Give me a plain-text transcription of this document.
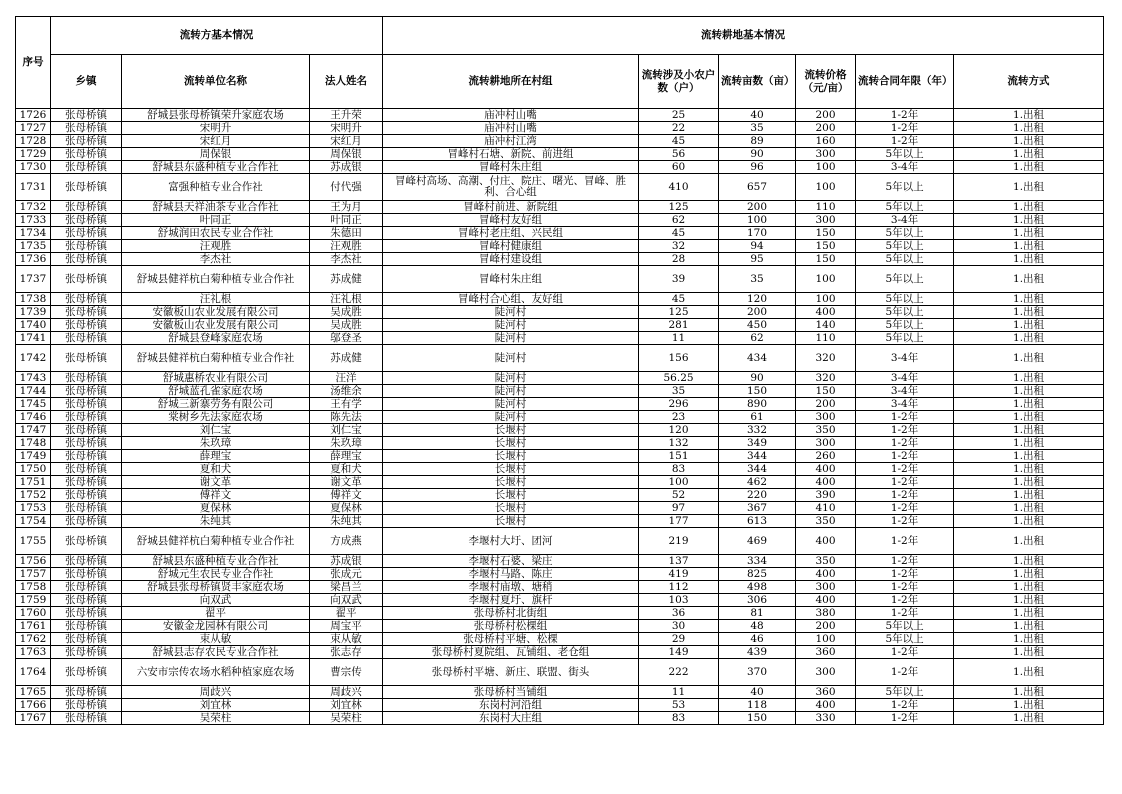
序号	流转方基本情况			流转耕地基本情况					
	乡镇	流转单位名称	法人姓名	流转耕地所在村组	流转涉及小农户数（户）	流转亩数（亩）	流转价格（元/亩）	流转合同年限（年）	流转方式
1726	张母桥镇	舒城县张母桥镇荣升家庭农场	王升荣	庙冲村山嘴	25	40	200	1-2年	1.出租
1727	张母桥镇	宋明升	宋明升	庙冲村山嘴	22	35	200	1-2年	1.出租
1728	张母桥镇	宋红月	宋红月	庙冲村江湾	45	89	160	1-2年	1.出租
1729	张母桥镇	周保银	周保银	冒峰村石塘、新院、前进组	56	90	300	5年以上	1.出租
1730	张母桥镇	舒城县东盛种植专业合作社	苏成银	冒峰村朱庄组	60	96	100	3-4年	1.出租
1731	张母桥镇	富强种植专业合作社	付代强	冒峰村高场、高潮、付庄、院庄、曙光、冒峰、胜利、合心组	410	657	100	5年以上	1.出租
1732	张母桥镇	舒城县天祥油茶专业合作社	王为月	冒峰村前进、新院组	125	200	110	5年以上	1.出租
1733	张母桥镇	叶同正	叶同正	冒峰村友好组	62	100	300	3-4年	1.出租
1734	张母桥镇	舒城润田农民专业合作社	朱德田	冒峰村老庄组、兴民组	45	170	150	5年以上	1.出租
1735	张母桥镇	汪观胜	汪观胜	冒峰村健康组	32	94	150	5年以上	1.出租
1736	张母桥镇	李杰社	李杰社	冒峰村建设组	28	95	150	5年以上	1.出租
1737	张母桥镇	舒城县健祥杭白菊种植专业合作社	苏成健	冒峰村朱庄组	39	35	100	5年以上	1.出租
1738	张母桥镇	汪礼根	汪礼根	冒峰村合心组、友好组	45	120	100	5年以上	1.出租
1739	张母桥镇	安徽板山农业发展有限公司	吴成胜	陡河村	125	200	400	5年以上	1.出租
1740	张母桥镇	安徽板山农业发展有限公司	吴成胜	陡河村	281	450	140	5年以上	1.出租
1741	张母桥镇	舒城县登峰家庭农场	邬登圣	陡河村	11	62	110	5年以上	1.出租
1742	张母桥镇	舒城县健祥杭白菊种植专业合作社	苏成健	陡河村	156	434	320	3-4年	1.出租
1743	张母桥镇	舒城惠桥农业有限公司	汪洋	陡河村	56.25	90	320	3-4年	1.出租
1744	张母桥镇	舒城蓝孔雀家庭农场	汤维余	陡河村	35	150	150	3-4年	1.出租
1745	张母桥镇	舒城三新寨劳务有限公司	王有学	陡河村	296	890	200	3-4年	1.出租
1746	张母桥镇	棠树乡先法家庭农场	陈先法	陡河村	23	61	300	1-2年	1.出租
1747	张母桥镇	刘仁宝	刘仁宝	长堰村	120	332	350	1-2年	1.出租
1748	张母桥镇	朱玖璋	朱玖璋	长堰村	132	349	300	1-2年	1.出租
1749	张母桥镇	薛理宝	薛理宝	长堰村	151	344	260	1-2年	1.出租
1750	张母桥镇	夏和犬	夏和犬	长堰村	83	344	400	1-2年	1.出租
1751	张母桥镇	谢文革	谢文革	长堰村	100	462	400	1-2年	1.出租
1752	张母桥镇	傅祥文	傅祥文	长堰村	52	220	390	1-2年	1.出租
1753	张母桥镇	夏保林	夏保林	长堰村	97	367	410	1-2年	1.出租
1754	张母桥镇	朱纯其	朱纯其	长堰村	177	613	350	1-2年	1.出租
1755	张母桥镇	舒城县健祥杭白菊种植专业合作社	方成燕	李堰村大圩、团河	219	469	400	1-2年	1.出租
1756	张母桥镇	舒城县东盛种植专业合作社	苏成银	李堰村石婆、梁庄	137	334	350	1-2年	1.出租
1757	张母桥镇	舒城元生农民专业合作社	张成元	李堰村马路、陈庄	419	825	400	1-2年	1.出租
1758	张母桥镇	舒城县张母桥镇贤丰家庭农场	梁昌兰	李堰村庙墩、塘稍	112	498	300	1-2年	1.出租
1759	张母桥镇	向双武	向双武	李堰村夏圩、旗杆	103	306	400	1-2年	1.出租
1760	张母桥镇	翟平	翟平	张母桥村北街组	36	81	380	1-2年	1.出租
1761	张母桥镇	安徽金龙园林有限公司	周宝平	张母桥村松棵组	30	48	200	5年以上	1.出租
1762	张母桥镇	束从敏	束从敏	张母桥村平塘、松棵	29	46	100	5年以上	1.出租
1763	张母桥镇	舒城县志存农民专业合作社	张志存	张母桥村夏院组、瓦铺组、老仓组	149	439	360	1-2年	1.出租
1764	张母桥镇	六安市宗传农场水稻种植家庭农场	曹宗传	张母桥村平塘、新庄、联盟、街头	222	370	300	1-2年	1.出租
1765	张母桥镇	周歧兴	周歧兴	张母桥村当铺组	11	40	360	5年以上	1.出租
1766	张母桥镇	刘宜林	刘宜林	东岗村河沿组	53	118	400	1-2年	1.出租
1767	张母桥镇	吴荣柱	吴荣柱	东岗村大庄组	83	150	330	1-2年	1.出租
